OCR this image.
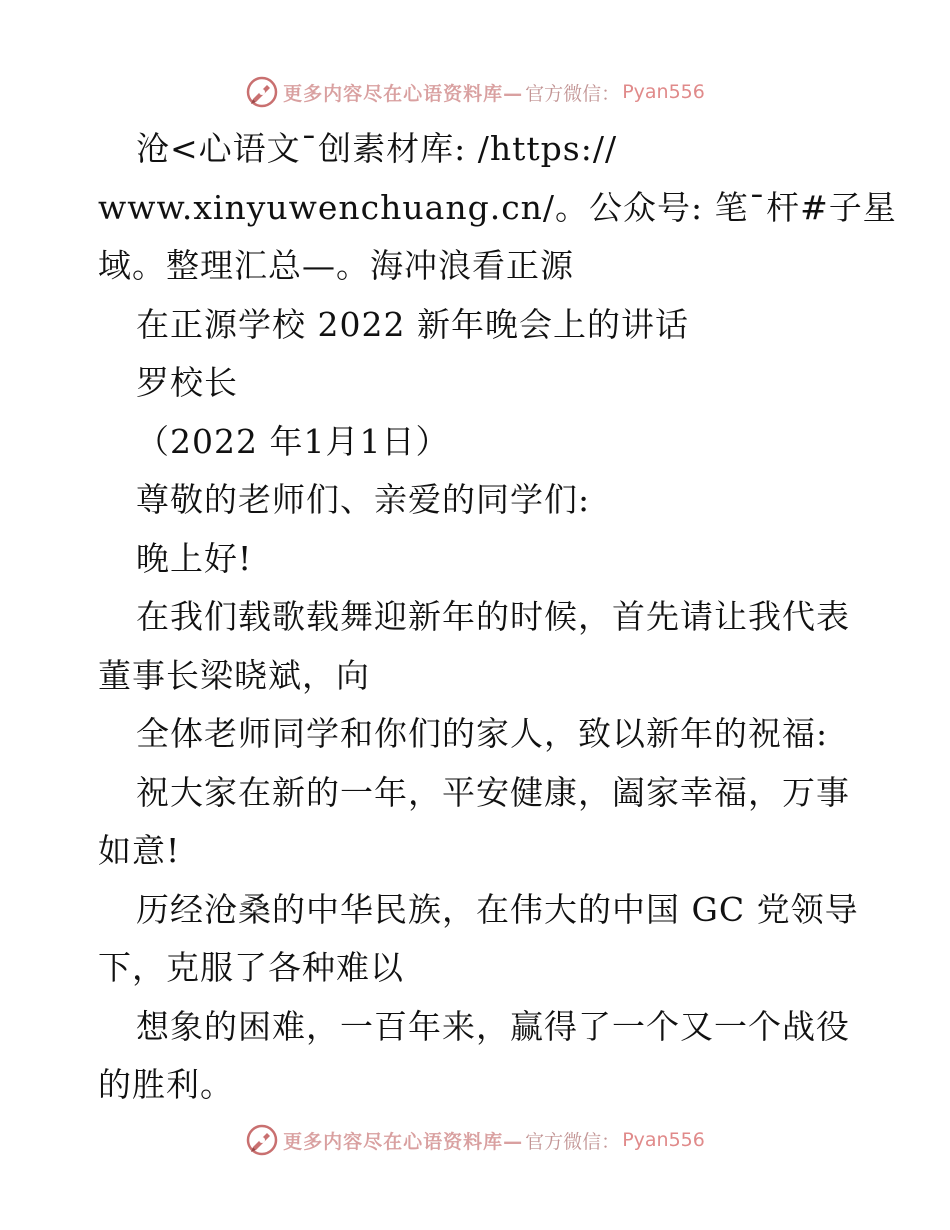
更多内容尽在心语资料库— 官方微信： Pyan556
沧<心语文¯创素材库: /https://
www.xinyuwenchuang.cn/。公众号: 笔¯杆#子星
域。整理汇总—。海冲浪看正源
在正源学校 2022 新年晚会上的讲话
罗校长
（2022 年1月1日）
尊敬的老师们、亲爱的同学们:
晚上好!
在我们载歌载舞迎新年的时候，首先请让我代表
董事长梁晓斌，向
全体老师同学和你们的家人，致以新年的祝福:
祝大家在新的一年，平安健康，阖家幸福，万事
如意!
历经沧桑的中华民族，在伟大的中国 GC 党领导
下，克服了各种难以
想象的困难，一百年来，赢得了一个又一个战役
的胜利。
更多内容尽在心语资料库— 官方微信： Pyan556
